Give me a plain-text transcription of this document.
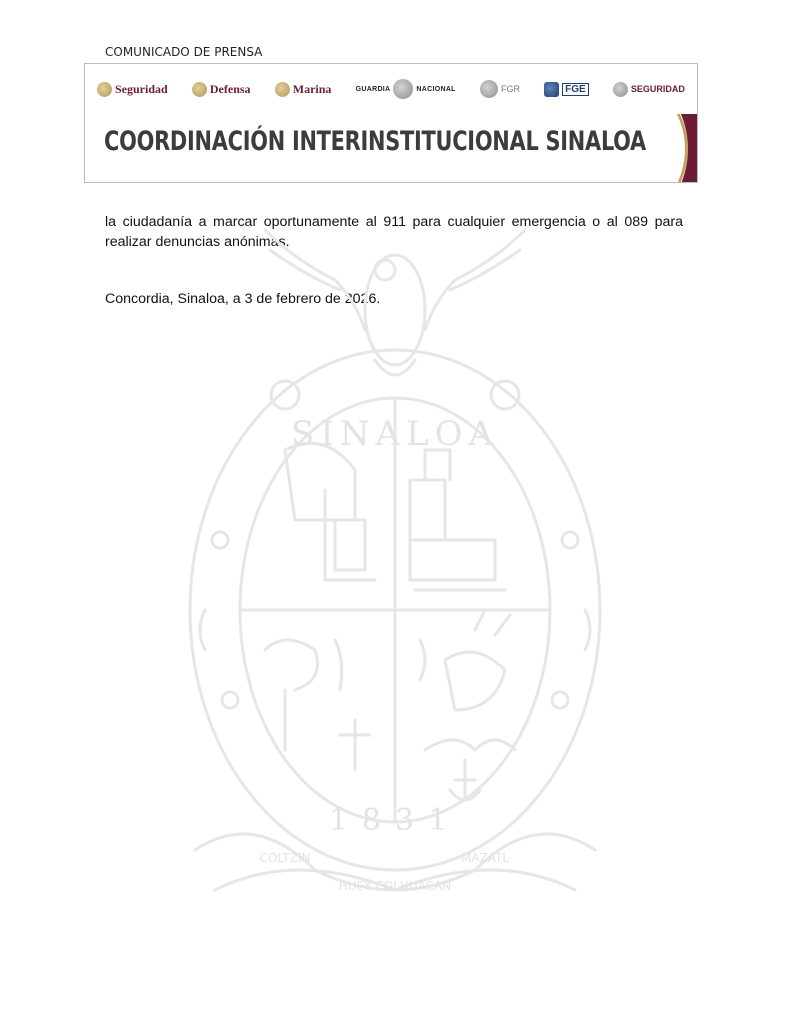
COMUNICADO DE PRENSA
Seguridad	Defensa	Marina	GUARDIA	NACIONAL	FGR	FGE	SEGURIDAD
COORDINACIÓN INTERINSTITUCIONAL SINALOA
la ciudadanía a marcar oportunamente al 911 para cualquier emergencia o al 089 para realizar denuncias anónimas.
Concordia, Sinaloa, a 3 de febrero de 2026.
SINALOA
1831
COLTZIN
HUEY COLHUACAN
MAZATL
